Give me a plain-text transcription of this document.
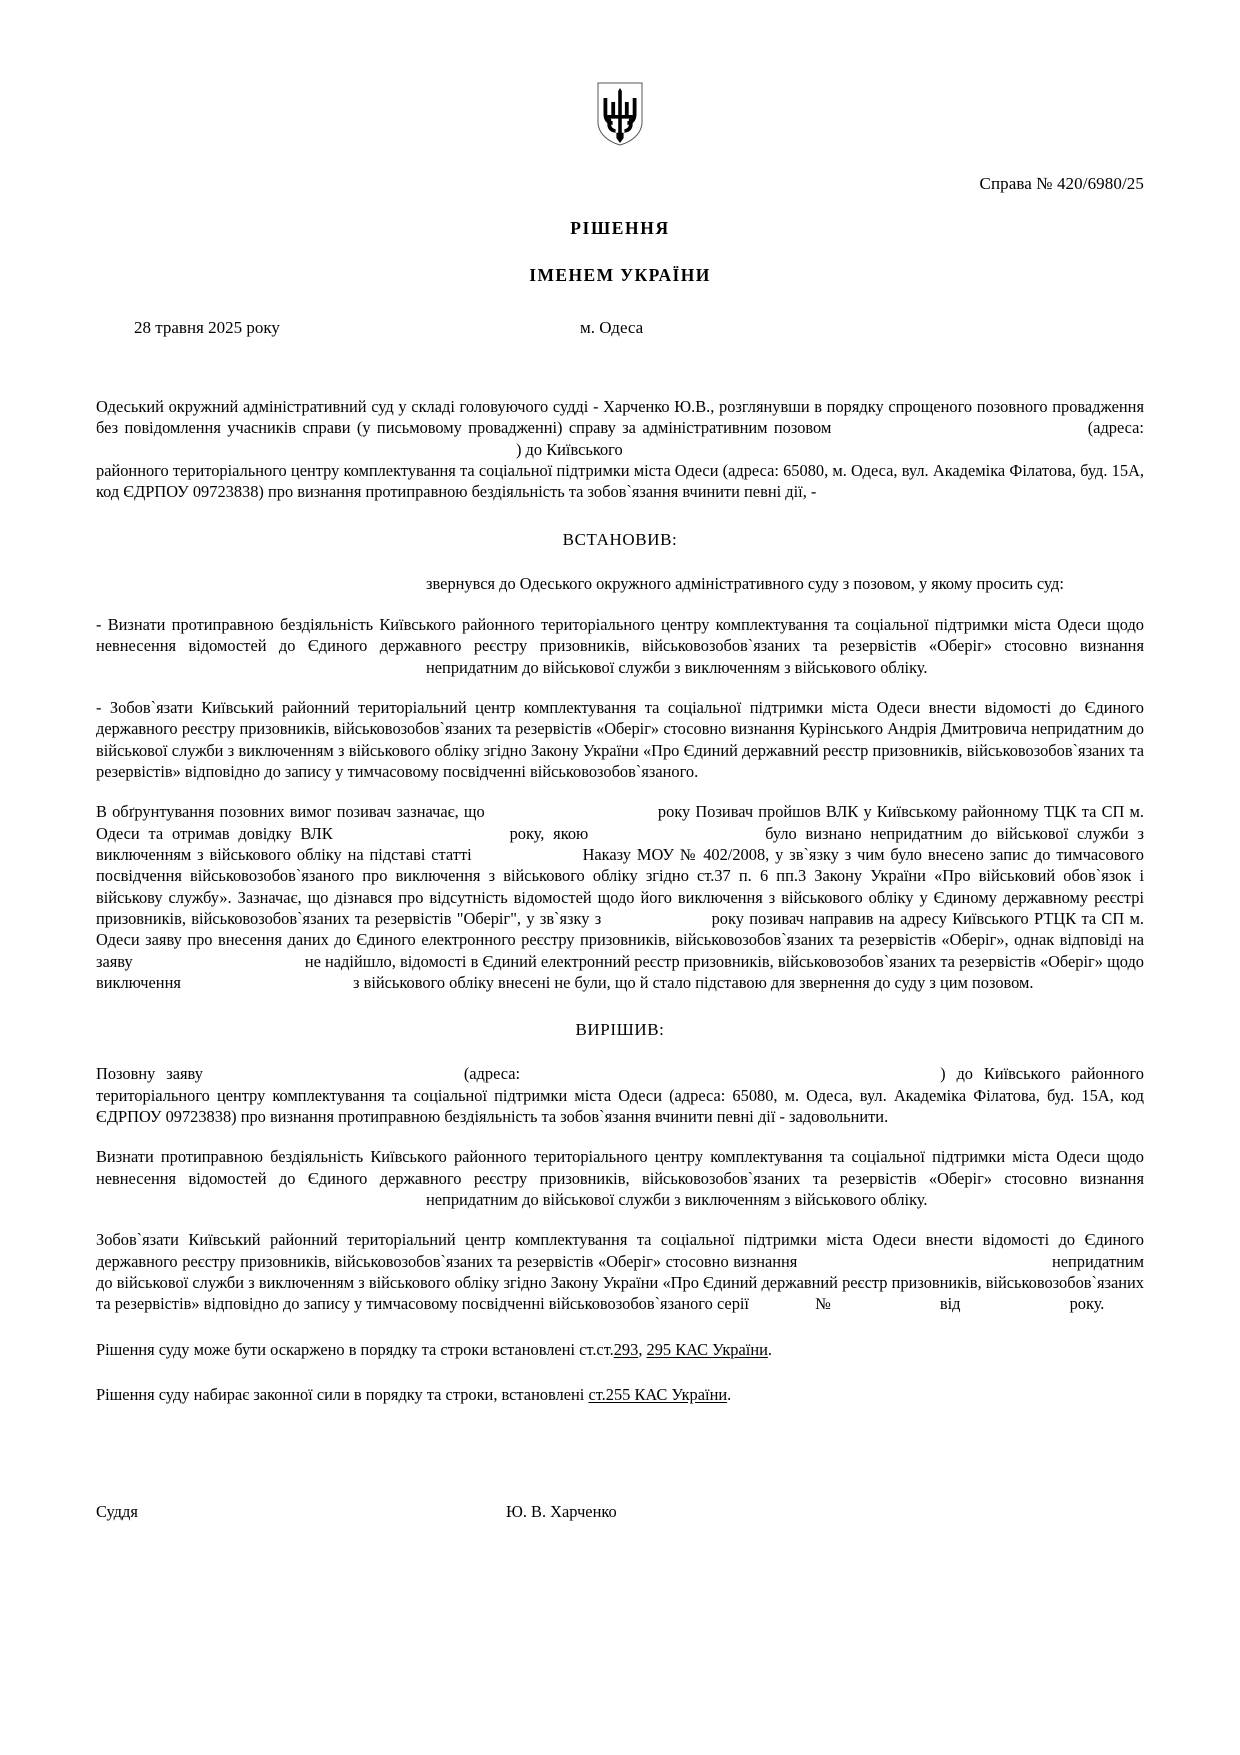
Справа № 420/6980/25
РІШЕННЯ
ІМЕНЕМ УКРАЇНИ
28 травня 2025 року	м. Одеса

Одеський окружний адміністративний суд у складі головуючого судді - Харченко Ю.В., розглянувши в порядку спрощеного позовного провадження без повідомлення учасників справи (у письмовому провадженні) справу за адміністративним позовом	(адреса: ) до Київського

районного територіального центру комплектування та соціальної підтримки міста Одеси (адреса: 65080, м. Одеса, вул. Академіка Філатова, буд. 15А, код ЄДРПОУ 09723838) про визнання протиправною бездіяльність та зобов`язання вчинити певні дії, -

ВСТАНОВИВ:
звернувся до Одеського окружного адміністративного суду з позовом, у якому просить суд:

- Визнати протиправною бездіяльність Київського районного територіального центру комплектування та соціальної підтримки міста Одеси щодо невнесення відомостей до Єдиного державного реєстру призовників, військовозобов`язаних та резервістів «Оберіг» стосовно визнання  непридатним до військової служби з виключенням з військового обліку.

- Зобов`язати Київський районний територіальний центр комплектування та соціальної підтримки міста Одеси внести відомості до Єдиного державного реєстру призовників, військовозобов`язаних та резервістів «Оберіг» стосовно визнання Курінського Андрія Дмитровича непридатним до військової служби з виключенням з військового обліку згідно Закону України «Про Єдиний державний реєстр призовників, військовозобов`язаних та резервістів» відповідно до запису у тимчасовому посвідченні військовозобов`язаного.

В обґрунтування позовних вимог позивач зазначає, що	року Позивач пройшов ВЛК у Київському районному ТЦК та СП м. Одеси та отримав довідку ВЛК	року, якою	було визнано непридатним до військової служби з виключенням з військового обліку на підставі статті	Наказу МОУ № 402/2008, у зв`язку з чим було внесено запис до тимчасового посвідчення військовозобов`язаного про виключення з військового обліку згідно ст.37 п. 6 пп.3 Закону України «Про військовий обов`язок і військову службу». Зазначає, що дізнався про відсутність відомостей щодо його виключення з військового обліку у Єдиному державному реєстрі призовників, військовозобов`язаних та резервістів "Оберіг", у зв`язку з	року позивач направив на адресу Київського РТЦК та СП м. Одеси заяву про внесення даних до Єдиного електронного реєстру призовників, військовозобов`язаних та резервістів «Оберіг», однак відповіді на заяву	не надійшло, відомості в Єдиний електронний реєстр призовників, військовозобов`язаних та резервістів «Оберіг» щодо виключення	з військового обліку внесені не були, що й стало підставою для звернення до суду з цим позовом.

ВИРІШИВ:

Позовну заяву	(адреса:	) до Київського районного територіального центру комплектування та соціальної підтримки міста Одеси (адреса: 65080, м. Одеса, вул. Академіка Філатова, буд. 15А, код ЄДРПОУ 09723838) про визнання протиправною бездіяльність та зобов`язання вчинити певні дії - задовольнити.

Визнати протиправною бездіяльність Київського районного територіального центру комплектування та соціальної підтримки міста Одеси щодо невнесення відомостей до Єдиного державного реєстру призовників, військовозобов`язаних та резервістів «Оберіг» стосовно визнання  непридатним до військової служби з виключенням з військового обліку.

Зобов`язати Київський районний територіальний центр комплектування та соціальної підтримки міста Одеси внести відомості до Єдиного державного реєстру призовників, військовозобов`язаних та резервістів «Оберіг» стосовно визнання	непридатним до військової служби з виключенням з військового обліку згідно Закону України «Про Єдиний державний реєстр призовників, військовозобов`язаних та резервістів» відповідно до запису у тимчасовому посвідченні військовозобов`язаного серії	№	від	року.

Рішення суду може бути оскаржено в порядку та строки встановлені ст.ст.293, 295 КАС України.

Рішення суду набирає законної сили в порядку та строки, встановлені ст.255 КАС України.

Суддя	Ю. В. Харченко
